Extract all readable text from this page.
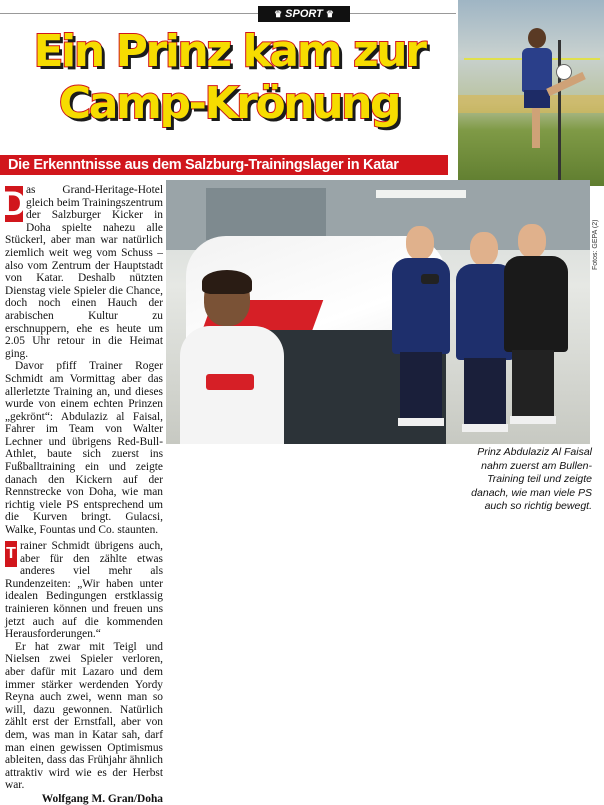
♛ SPORT ♛
Ein Prinz kam zur
Camp-Krönung
Die Erkenntnisse aus dem Salzburg-Trainingslager in Katar
Fotos: GEPA (2)
Prinz Abdulaziz Al Faisal nahm zuerst am Bullen-Training teil und zeigte danach, wie man viele PS auch so richtig bewegt.
D as Grand-Heritage-Hotel gleich beim Trainingszentrum der Salzburger Kicker in Doha spielte nahezu alle Stückerl, aber man war natürlich ziemlich weit weg vom Schuss – also vom Zentrum der Hauptstadt von Katar. Deshalb nützten Dienstag viele Spieler die Chance, doch noch einen Hauch der arabischen Kultur zu erschnuppern, ehe es heute um 2.05 Uhr retour in die Heimat ging.

Davor pfiff Trainer Roger Schmidt am Vormittag aber das allerletzte Training an, und dieses wurde von einem echten Prinzen „gekrönt“: Abdulaziz al Faisal, Fahrer im Team von Walter Lechner und übrigens Red-Bull-Athlet, baute sich zuerst ins Fußballtraining ein und zeigte danach den Kickern auf der Rennstrecke von Doha, wie man richtig viele PS entsprechend um die Kurven bringt. Gulacsi, Walke, Fountas und Co. staunten.

T rainer Schmidt übrigens auch, aber für den zählte etwas anderes viel mehr als Rundenzeiten: „Wir haben unter idealen Bedingungen erstklassig trainieren können und freuen uns jetzt auch auf die kommenden Herausforderungen.“

Er hat zwar mit Teigl und Nielsen zwei Spieler verloren, aber dafür mit Lazaro und dem immer stärker werdenden Yordy Reyna auch zwei, wenn man so will, dazu gewonnen. Natürlich zählt erst der Ernstfall, aber von dem, was man in Katar sah, darf man einen gewissen Optimismus ableiten, dass das Frühjahr ähnlich attraktiv wird wie es der Herbst war.

Wolfgang M. Gran/Doha
